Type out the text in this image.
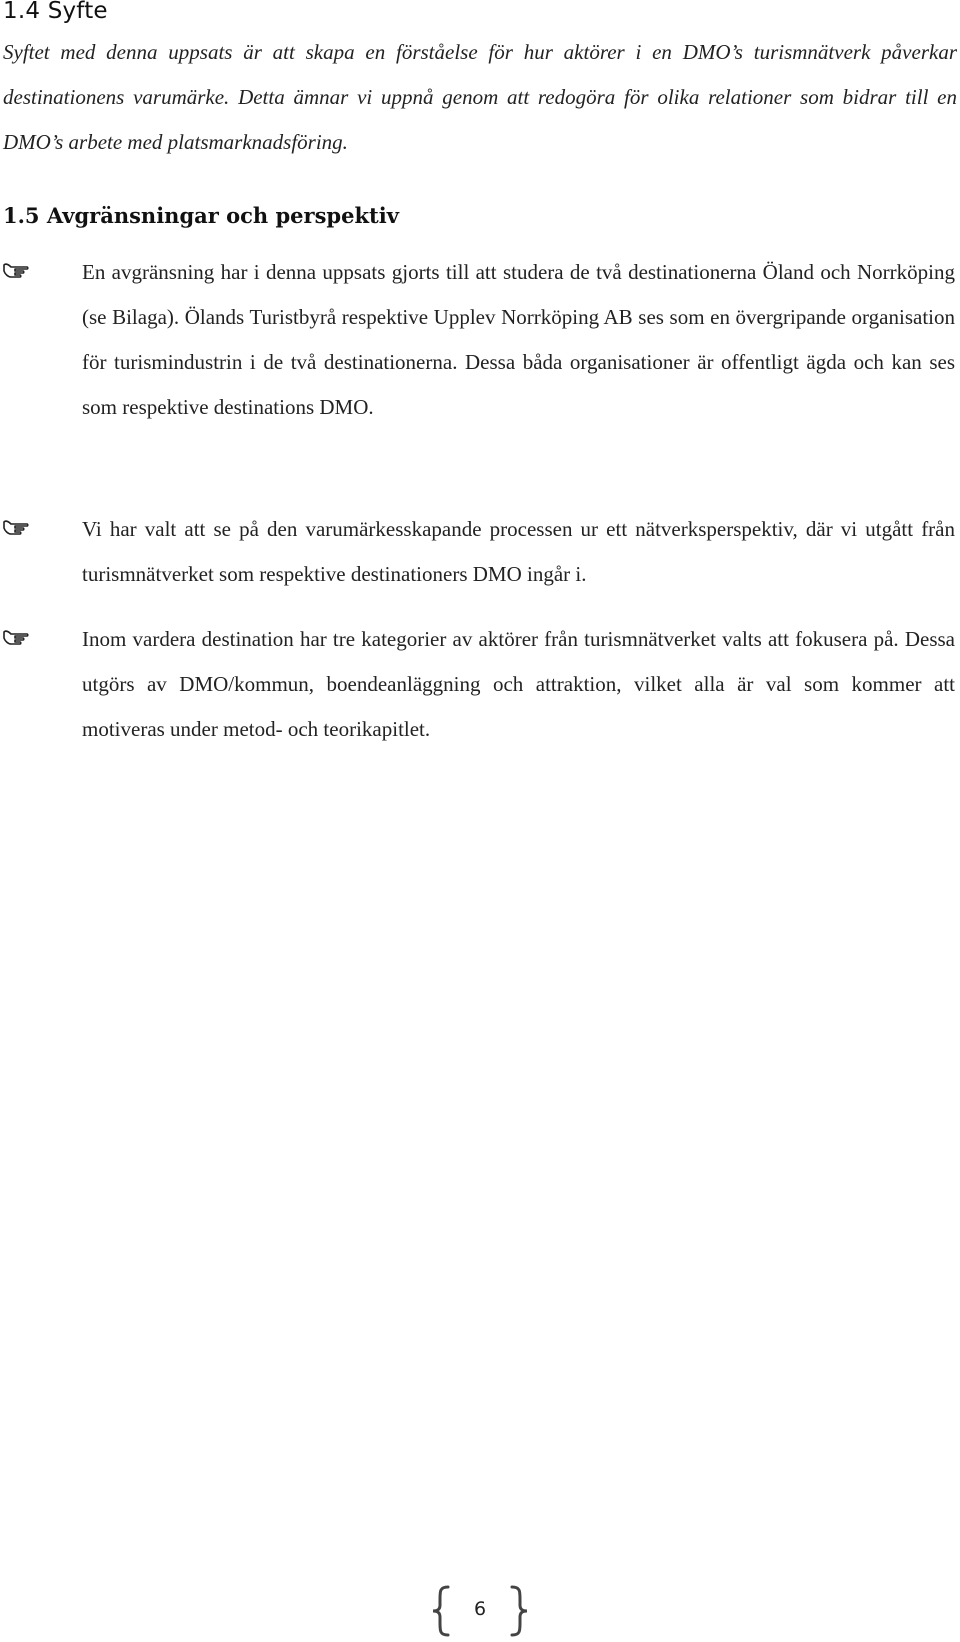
1.4 Syfte

Syftet med denna uppsats är att skapa en förståelse för hur aktörer i en DMO’s turismnätverk påverkar destinationens varumärke. Detta ämnar vi uppnå genom att redogöra för olika relationer som bidrar till en DMO’s arbete med platsmarknadsföring.

1.5 Avgränsningar och perspektiv

En avgränsning har i denna uppsats gjorts till att studera de två destinationerna Öland och Norrköping (se Bilaga). Ölands Turistbyrå respektive Upplev Norrköping AB ses som en övergripande organisation för turismindustrin i de två destinationerna. Dessa båda organisationer är offentligt ägda och kan ses som respektive destinations DMO.

Vi har valt att se på den varumärkesskapande processen ur ett nätverksperspektiv, där vi utgått från turismnätverket som respektive destinationers DMO ingår i.

Inom vardera destination har tre kategorier av aktörer från turismnätverket valts att fokusera på. Dessa utgörs av DMO/kommun, boendeanläggning och attraktion, vilket alla är val som kommer att motiveras under metod- och teorikapitlet.

6
